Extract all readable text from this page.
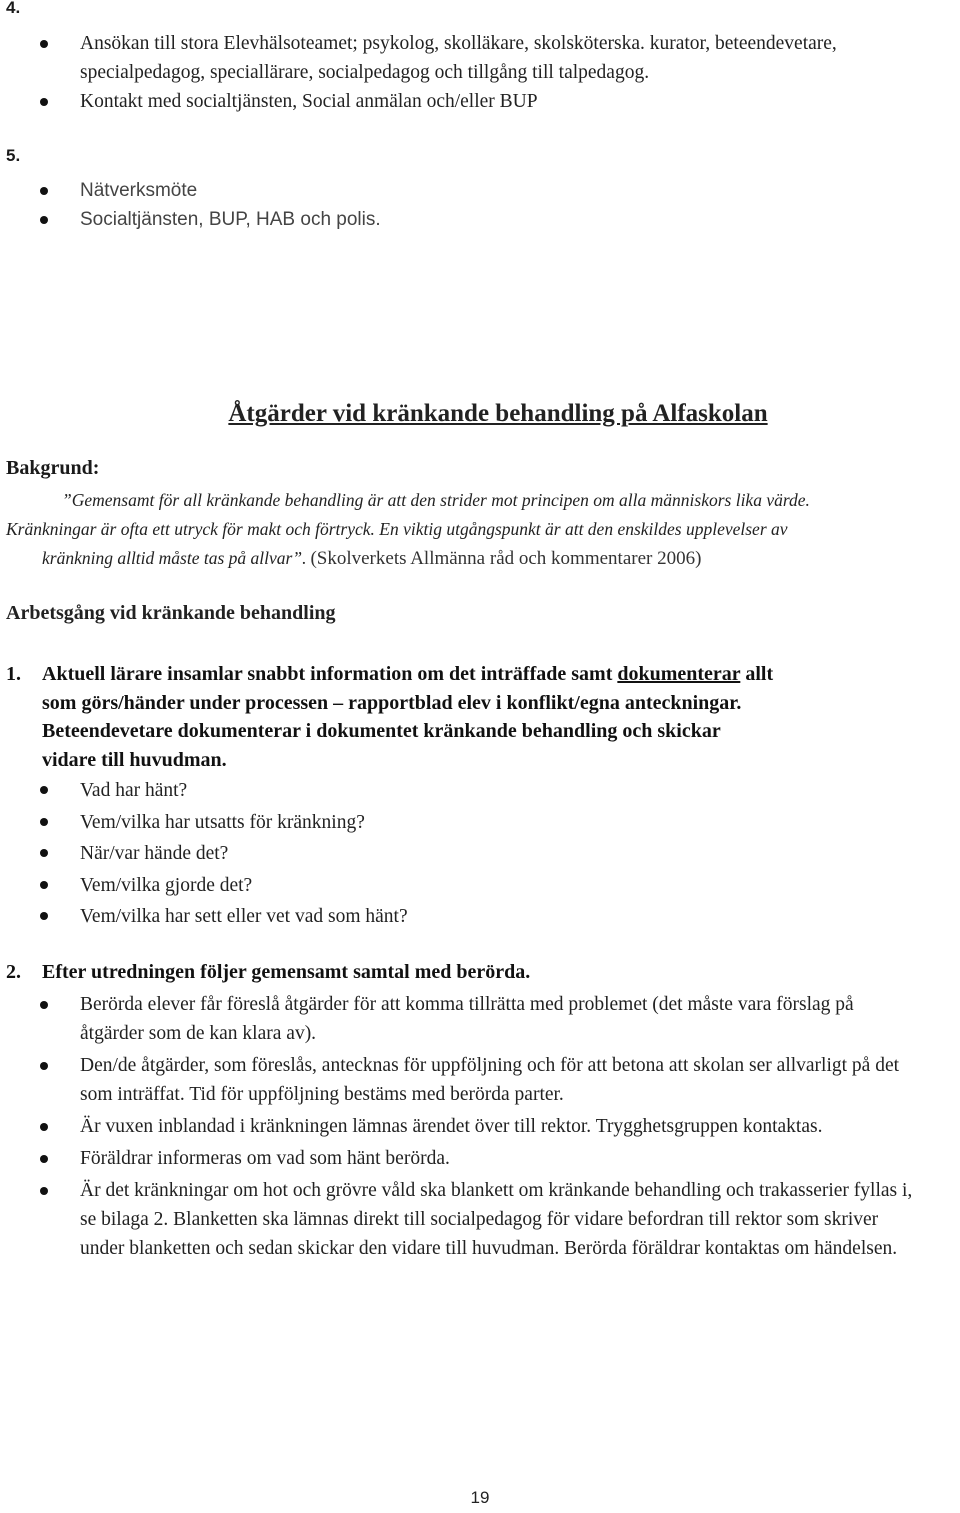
4.
Ansökan till stora Elevhälsoteamet; psykolog, skolläkare, skolsköterska. kurator, beteendevetare, specialpedagog, speciallärare, socialpedagog och tillgång till talpedagog.
Kontakt med socialtjänsten, Social anmälan och/eller BUP
5.
Nätverksmöte
Socialtjänsten, BUP, HAB och polis.
Åtgärder vid kränkande behandling på Alfaskolan
Bakgrund:
”Gemensamt för all kränkande behandling är att den strider mot principen om alla människors lika värde.
Kränkningar är ofta ett utryck för makt och förtryck. En viktig utgångspunkt är att den enskildes upplevelser av
kränkning alltid måste tas på allvar”. (Skolverkets Allmänna råd och kommentarer 2006)
Arbetsgång vid kränkande behandling
1. Aktuell lärare insamlar snabbt information om det inträffade samt dokumenterar allt
som görs/händer under processen – rapportblad elev i konflikt/egna anteckningar.
Beteendevetare dokumenterar i dokumentet kränkande behandling och skickar
vidare till huvudman.
Vad har hänt?
Vem/vilka har utsatts för kränkning?
När/var hände det?
Vem/vilka gjorde det?
Vem/vilka har sett eller vet vad som hänt?
2. Efter utredningen följer gemensamt samtal med berörda.
Berörda elever får föreslå åtgärder för att komma tillrätta med problemet (det måste vara förslag på åtgärder som de kan klara av).
Den/de åtgärder, som föreslås, antecknas för uppföljning och för att betona att skolan ser allvarligt på det som inträffat. Tid för uppföljning bestäms med berörda parter.
Är vuxen inblandad i kränkningen lämnas ärendet över till rektor. Trygghetsgruppen kontaktas.
Föräldrar informeras om vad som hänt berörda.
Är det kränkningar om hot och grövre våld ska blankett om kränkande behandling och trakasserier fyllas i, se bilaga 2. Blanketten ska lämnas direkt till socialpedagog för vidare befordran till rektor som skriver under blanketten och sedan skickar den vidare till huvudman. Berörda föräldrar kontaktas om händelsen.
19
